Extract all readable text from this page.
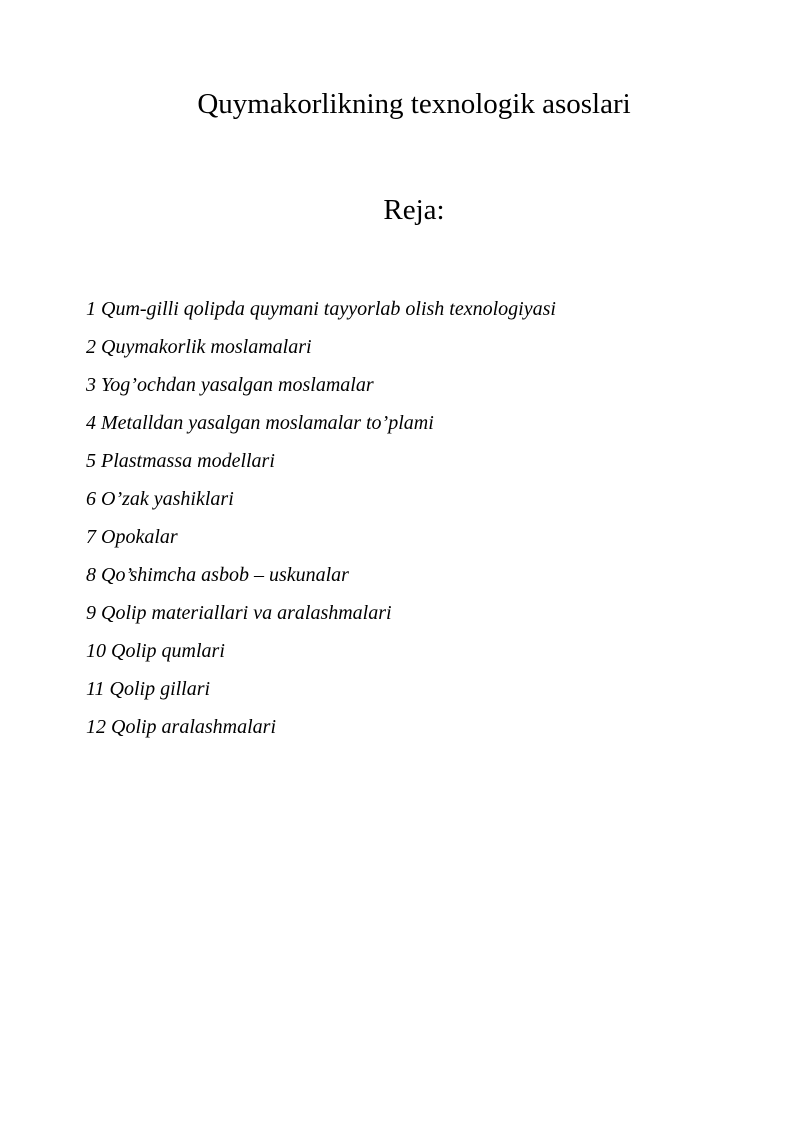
Quymakorlikning texnologik asoslari
Reja:
1 Qum-gilli qolipda quymani tayyorlab olish texnologiyasi
2 Quymakorlik moslamalari
3 Yog’ochdan yasalgan moslamalar
4 Metalldan yasalgan moslamalar to’plami
5 Plastmassa modellari
6 O’zak yashiklari
7 Opokalar
8 Qo’shimcha asbob – uskunalar
9 Qolip materiallari va aralashmalari
10 Qolip qumlari
11 Qolip gillari
12 Qolip aralashmalari
